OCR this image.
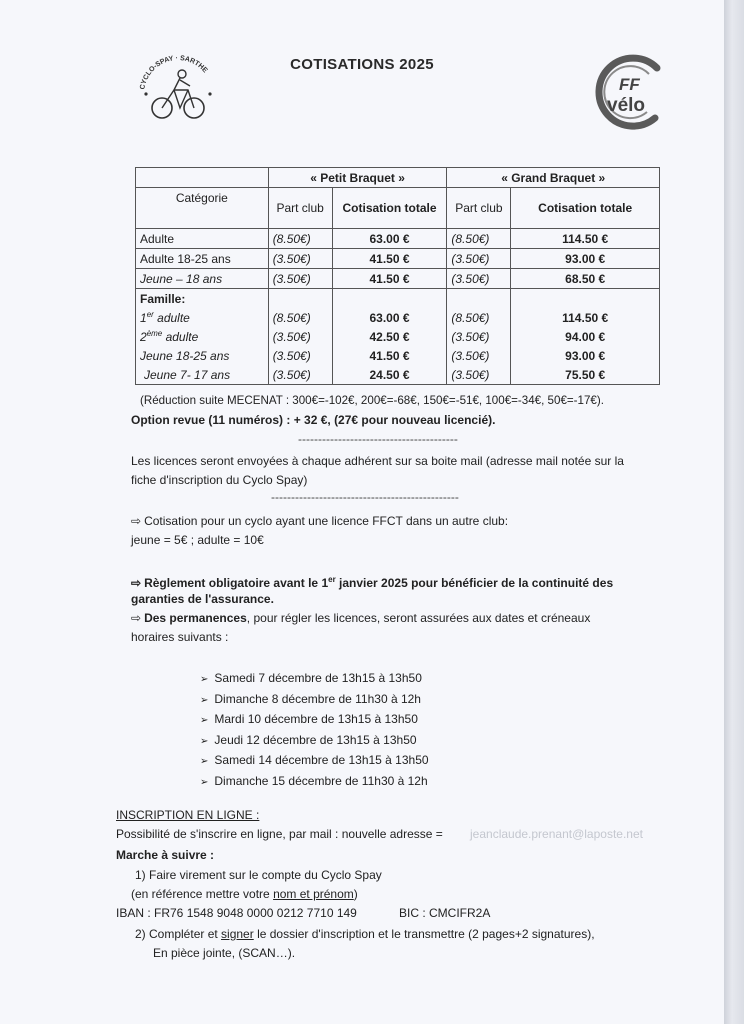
CYCLO-SPAY · SARTHE
FF
vélo
COTISATIONS 2025
	« Petit Braquet »		« Grand Braquet »	
Catégorie	Part club	Cotisation totale	Part club	Cotisation totale
Adulte	(8.50€)	63.00 €	(8.50€)	114.50 €
Adulte 18-25 ans	(3.50€)	41.50 €	(3.50€)	93.00 €
Jeune – 18 ans	(3.50€)	41.50 €	(3.50€)	68.50 €
Famille:				
1er adulte	(8.50€)	63.00 €	(8.50€)	114.50 €
2ème adulte	(3.50€)	42.50 €	(3.50€)	94.00 €
Jeune 18-25 ans	(3.50€)	41.50 €	(3.50€)	93.00 €
Jeune 7- 17 ans	(3.50€)	24.50 €	(3.50€)	75.50 €
(Réduction suite MECENAT : 300€=-102€, 200€=-68€, 150€=-51€, 100€=-34€, 50€=-17€).
Option revue (11 numéros) : + 32 €, (27€ pour nouveau licencié).
----------------------------------------
Les licences seront envoyées à chaque adhérent sur sa boite mail (adresse mail notée sur la
fiche d'inscription du Cyclo Spay)
-----------------------------------------------
⇨ Cotisation pour un cyclo ayant une licence FFCT dans un autre club:
jeune = 5€ ; adulte = 10€
⇨ Règlement obligatoire avant le 1er janvier 2025 pour bénéficier de la continuité des
garanties de l'assurance.
⇨ Des permanences, pour régler les licences, seront assurées aux dates et créneaux
horaires suivants :
➢ Samedi 7 décembre de 13h15 à 13h50
➢ Dimanche 8 décembre de 11h30 à 12h
➢ Mardi 10 décembre de 13h15 à 13h50
➢ Jeudi 12 décembre de 13h15 à 13h50
➢ Samedi 14 décembre de 13h15 à 13h50
➢ Dimanche 15 décembre de 11h30 à 12h
INSCRIPTION EN LIGNE :
Possibilité de s'inscrire en ligne, par mail : nouvelle adresse = jeanclaude.prenant@laposte.net
Marche à suivre :
1) Faire virement sur le compte du Cyclo Spay
(en référence mettre votre nom et prénom)
IBAN : FR76 1548 9048 0000 0212 7710 149	BIC : CMCIFR2A
2) Compléter et signer le dossier d'inscription et le transmettre (2 pages+2 signatures),
En pièce jointe, (SCAN…).
